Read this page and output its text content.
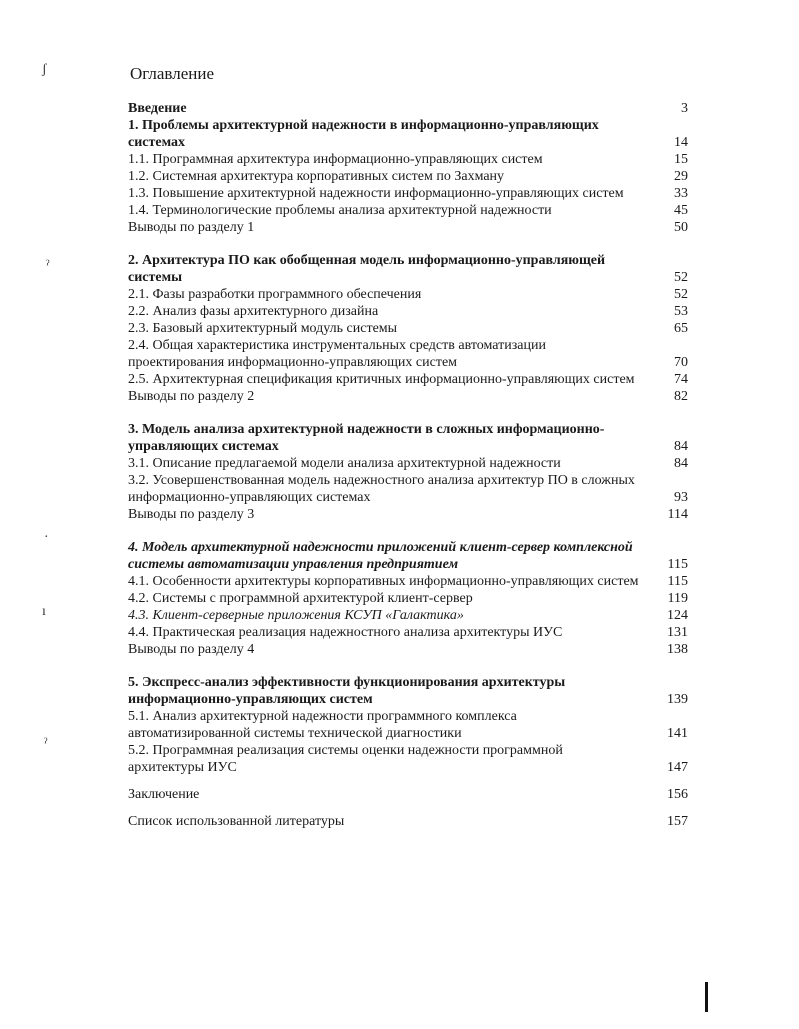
Оглавление
Введение	3
1. Проблемы архитектурной надежности в информационно-управляющих системах	14
1.1. Программная архитектура информационно-управляющих систем	15
1.2. Системная архитектура корпоративных систем по Захману	29
1.3. Повышение архитектурной надежности информационно-управляющих систем	33
1.4. Терминологические проблемы анализа архитектурной надежности	45
Выводы по разделу 1	50
2. Архитектура ПО как обобщенная модель информационно-управляющей системы	52
2.1. Фазы разработки программного обеспечения	52
2.2. Анализ фазы архитектурного дизайна	53
2.3. Базовый архитектурный модуль системы	65
2.4. Общая характеристика инструментальных средств автоматизации проектирования информационно-управляющих систем	70
2.5. Архитектурная спецификация критичных информационно-управляющих систем	74
Выводы по разделу 2	82
3. Модель анализа архитектурной надежности в сложных информационно-управляющих системах	84
3.1. Описание предлагаемой модели анализа архитектурной надежности	84
3.2. Усовершенствованная модель надежностного анализа архитектур ПО в сложных информационно-управляющих системах	93
Выводы по разделу 3	114
4. Модель архитектурной надежности приложений клиент-сервер комплексной системы автоматизации управления предприятием	115
4.1. Особенности архитектуры корпоративных информационно-управляющих систем	115
4.2. Системы с программной архитектурой клиент-сервер	119
4.3. Клиент-серверные приложения КСУП «Галактика»	124
4.4. Практическая реализация надежностного анализа архитектуры ИУС	131
Выводы по разделу 4	138
5. Экспресс-анализ эффективности функционирования архитектуры информационно-управляющих систем	139
5.1. Анализ архитектурной надежности программного комплекса автоматизированной системы технической диагностики	141
5.2. Программная реализация системы оценки надежности программной архитектуры ИУС	147
Заключение	156
Список использованной литературы	157
ʃ
ˀ
·
ı
ˀ
